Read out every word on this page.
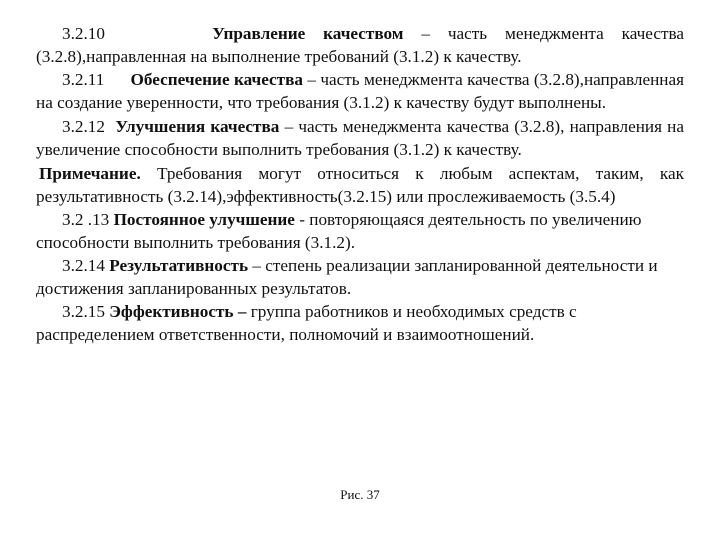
3.2.10	Управление качеством – часть менеджмента качества (3.2.8),направленная на выполнение требований (3.1.2) к качеству.

3.2.11 Обеспечение качества – часть менеджмента качества (3.2.8),направленная на создание уверенности, что требования (3.1.2) к качеству будут выполнены.

3.2.12 Улучшения качества – часть менеджмента качества (3.2.8), направления на увеличение способности выполнить требования (3.1.2) к качеству.

Примечание. Требования могут относиться к любым аспектам, таким, как результативность (3.2.14),эффективность(3.2.15) или прослеживаемость (3.5.4)

3.2 .13 Постоянное улучшение - повторяющаяся деятельность по увеличению способности выполнить требования (3.1.2).

3.2.14 Результативность – степень реализации запланированной деятельности и достижения запланированных результатов.

3.2.15 Эффективность – группа работников и необходимых средств с распределением ответственности, полномочий и взаимоотношений.

Рис. 37
